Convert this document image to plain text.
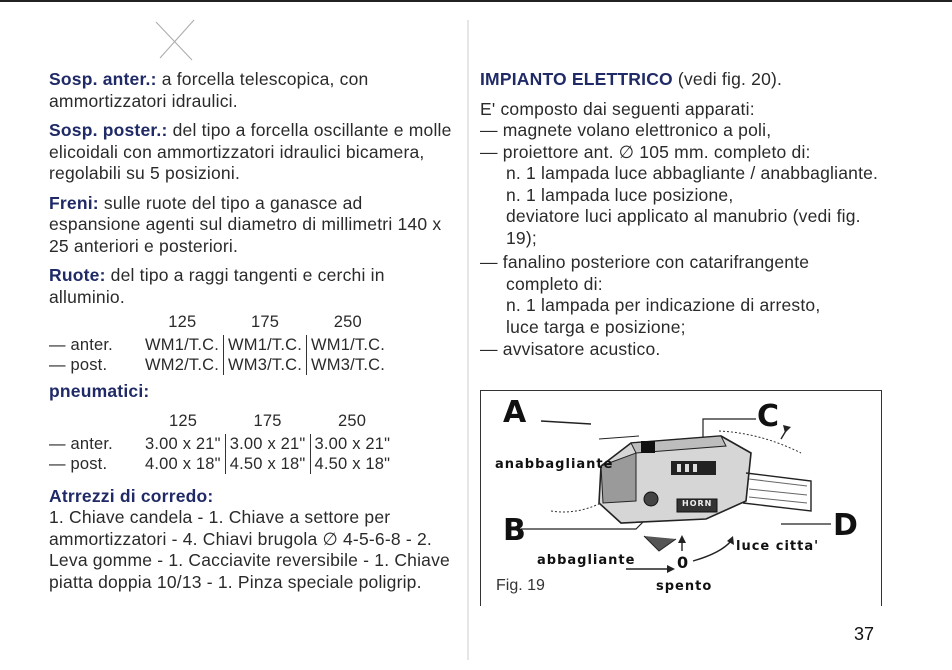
Sosp. anter.: a forcella telescopica, con ammortizzatori idraulici.

Sosp. poster.: del tipo a forcella oscillante e molle elicoidali con ammortizzatori idraulici bicamera, regolabili su 5 posizioni.

Freni: sulle ruote del tipo a ganasce ad espansione agenti sul diametro di millimetri 140 x 25 anteriori e posteriori.

Ruote: del tipo a raggi tangenti e cerchi in alluminio.

	125	175	250
— anter.	WM1/T.C.	WM1/T.C.	WM1/T.C.
— post.	WM2/T.C.	WM3/T.C.	WM3/T.C.

pneumatici:

	125	175	250
— anter.	3.00 x 21"	3.00 x 21"	3.00 x 21"
— post.	4.00 x 18"	4.50 x 18"	4.50 x 18"

Atrrezzi di corredo:
1. Chiave candela - 1. Chiave a settore per ammortizzatori - 4. Chiavi brugola ∅ 4-5-6-8 - 2. Leva gomme - 1. Cacciavite reversibile - 1. Chiave piatta doppia 10/13 - 1. Pinza speciale poligrip.

IMPIANTO ELETTRICO (vedi fig. 20).

E' composto dai seguenti apparati:
— magnete volano elettronico a poli,
— proiettore ant. ∅ 105 mm. completo di:
n. 1 lampada luce abbagliante / anabbagliante.
n. 1 lampada luce posizione,
deviatore luci applicato al manubrio (vedi fig. 19);
— fanalino posteriore con catarifrangente completo di:
n. 1 lampada per indicazione di arresto,
luce targa e posizione;
— avvisatore acustico.
A
B
C
D
anabbagliante
abbagliante	0
luce citta'
spento
HORN
Fig. 19
37
